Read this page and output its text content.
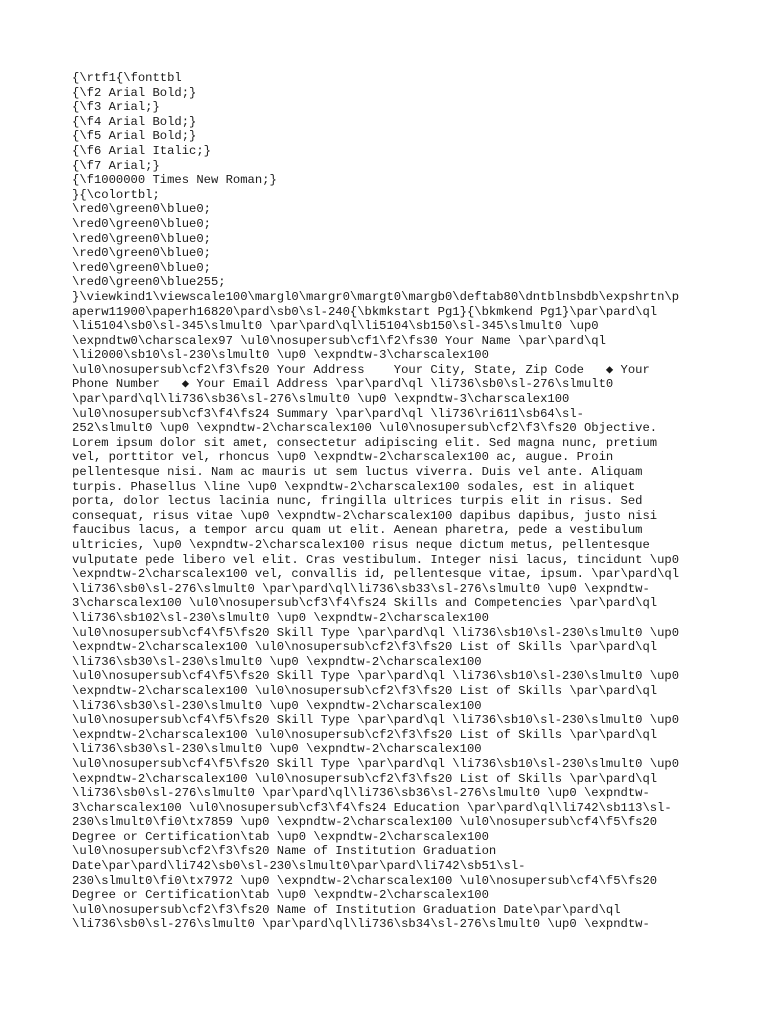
{\rtf1{\fonttbl
{\f2 Arial Bold;}
{\f3 Arial;}
{\f4 Arial Bold;}
{\f5 Arial Bold;}
{\f6 Arial Italic;}
{\f7 Arial;}
{\f1000000 Times New Roman;}
}{\colortbl;
\red0\green0\blue0;
\red0\green0\blue0;
\red0\green0\blue0;
\red0\green0\blue0;
\red0\green0\blue0;
\red0\green0\blue255;
}\viewkind1\viewscale100\margl0\margr0\margt0\margb0\deftab80\dntblnsbdb\expshrtn\p
aperw11900\paperh16820\pard\sb0\sl-240{\bkmkstart Pg1}{\bkmkend Pg1}\par\pard\ql
\li5104\sb0\sl-345\slmult0 \par\pard\ql\li5104\sb150\sl-345\slmult0 \up0
\expndtw0\charscalex97 \ul0\nosupersub\cf1\f2\fs30 Your Name \par\pard\ql
\li2000\sb10\sl-230\slmult0 \up0 \expndtw-3\charscalex100
\ul0\nosupersub\cf2\f3\fs20 Your Address    Your City, State, Zip Code   ◆ Your
Phone Number   ◆ Your Email Address \par\pard\ql \li736\sb0\sl-276\slmult0
\par\pard\ql\li736\sb36\sl-276\slmult0 \up0 \expndtw-3\charscalex100
\ul0\nosupersub\cf3\f4\fs24 Summary \par\pard\ql \li736\ri611\sb64\sl-
252\slmult0 \up0 \expndtw-2\charscalex100 \ul0\nosupersub\cf2\f3\fs20 Objective.
Lorem ipsum dolor sit amet, consectetur adipiscing elit. Sed magna nunc, pretium
vel, porttitor vel, rhoncus \up0 \expndtw-2\charscalex100 ac, augue. Proin
pellentesque nisi. Nam ac mauris ut sem luctus viverra. Duis vel ante. Aliquam
turpis. Phasellus \line \up0 \expndtw-2\charscalex100 sodales, est in aliquet
porta, dolor lectus lacinia nunc, fringilla ultrices turpis elit in risus. Sed
consequat, risus vitae \up0 \expndtw-2\charscalex100 dapibus dapibus, justo nisi
faucibus lacus, a tempor arcu quam ut elit. Aenean pharetra, pede a vestibulum
ultricies, \up0 \expndtw-2\charscalex100 risus neque dictum metus, pellentesque
vulputate pede libero vel elit. Cras vestibulum. Integer nisi lacus, tincidunt \up0
\expndtw-2\charscalex100 vel, convallis id, pellentesque vitae, ipsum. \par\pard\ql
\li736\sb0\sl-276\slmult0 \par\pard\ql\li736\sb33\sl-276\slmult0 \up0 \expndtw-
3\charscalex100 \ul0\nosupersub\cf3\f4\fs24 Skills and Competencies \par\pard\ql
\li736\sb102\sl-230\slmult0 \up0 \expndtw-2\charscalex100
\ul0\nosupersub\cf4\f5\fs20 Skill Type \par\pard\ql \li736\sb10\sl-230\slmult0 \up0
\expndtw-2\charscalex100 \ul0\nosupersub\cf2\f3\fs20 List of Skills \par\pard\ql
\li736\sb30\sl-230\slmult0 \up0 \expndtw-2\charscalex100
\ul0\nosupersub\cf4\f5\fs20 Skill Type \par\pard\ql \li736\sb10\sl-230\slmult0 \up0
\expndtw-2\charscalex100 \ul0\nosupersub\cf2\f3\fs20 List of Skills \par\pard\ql
\li736\sb30\sl-230\slmult0 \up0 \expndtw-2\charscalex100
\ul0\nosupersub\cf4\f5\fs20 Skill Type \par\pard\ql \li736\sb10\sl-230\slmult0 \up0
\expndtw-2\charscalex100 \ul0\nosupersub\cf2\f3\fs20 List of Skills \par\pard\ql
\li736\sb30\sl-230\slmult0 \up0 \expndtw-2\charscalex100
\ul0\nosupersub\cf4\f5\fs20 Skill Type \par\pard\ql \li736\sb10\sl-230\slmult0 \up0
\expndtw-2\charscalex100 \ul0\nosupersub\cf2\f3\fs20 List of Skills \par\pard\ql
\li736\sb0\sl-276\slmult0 \par\pard\ql\li736\sb36\sl-276\slmult0 \up0 \expndtw-
3\charscalex100 \ul0\nosupersub\cf3\f4\fs24 Education \par\pard\ql\li742\sb113\sl-
230\slmult0\fi0\tx7859 \up0 \expndtw-2\charscalex100 \ul0\nosupersub\cf4\f5\fs20
Degree or Certification\tab \up0 \expndtw-2\charscalex100
\ul0\nosupersub\cf2\f3\fs20 Name of Institution Graduation
Date\par\pard\li742\sb0\sl-230\slmult0\par\pard\li742\sb51\sl-
230\slmult0\fi0\tx7972 \up0 \expndtw-2\charscalex100 \ul0\nosupersub\cf4\f5\fs20
Degree or Certification\tab \up0 \expndtw-2\charscalex100
\ul0\nosupersub\cf2\f3\fs20 Name of Institution Graduation Date\par\pard\ql
\li736\sb0\sl-276\slmult0 \par\pard\ql\li736\sb34\sl-276\slmult0 \up0 \expndtw-
